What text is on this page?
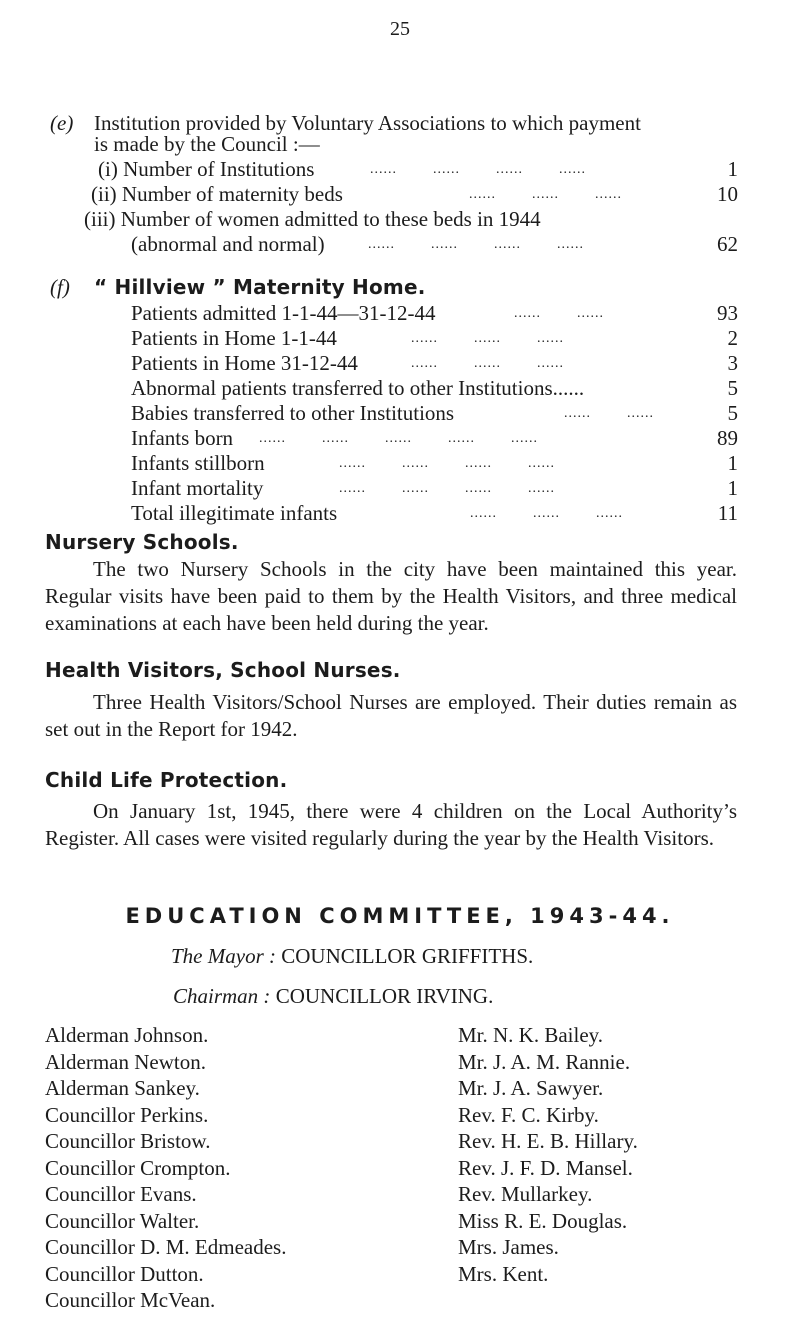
25
(e) Institution provided by Voluntary Associations to which payment
is made by the Council :—
(i) Number of Institutions	......        ......        ......        ......	1
(ii) Number of maternity beds	......        ......        ......	10
(iii) Number of women admitted to these beds in 1944
(abnormal and normal)	......        ......        ......        ......	62
(f) “ Hillview ” Maternity Home.
Patients admitted 1-1-44—31-12-44	......        ......	93
Patients in Home 1-1-44	......        ......        ......	2
Patients in Home 31-12-44	......        ......        ......	3
Abnormal patients transferred to other Institutions......	5
Babies transferred to other Institutions	......        ......	5
Infants born ......        ......        ......        ......        ......	89
Infants stillborn	......        ......        ......        ......	1
Infant mortality	......        ......        ......        ......	1
Total illegitimate infants	......        ......        ......	11
Nursery Schools.
The two Nursery Schools in the city have been maintained this year. Regular visits have been paid to them by the Health Visitors, and three medical examinations at each have been held during the year.
Health Visitors, School Nurses.
Three Health Visitors/School Nurses are employed. Their duties remain as set out in the Report for 1942.
Child Life Protection.
On January 1st, 1945, there were 4 children on the Local Authority’s Register. All cases were visited regularly during the year by the Health Visitors.
EDUCATION COMMITTEE, 1943-44.
The Mayor : COUNCILLOR GRIFFITHS.
Chairman : COUNCILLOR IRVING.
Alderman Johnson.
Alderman Newton.
Alderman Sankey.
Councillor Perkins.
Councillor Bristow.
Councillor Crompton.
Councillor Evans.
Councillor Walter.
Councillor D. M. Edmeades.
Councillor Dutton.
Councillor McVean.
Mr. N. K. Bailey.
Mr. J. A. M. Rannie.
Mr. J. A. Sawyer.
Rev. F. C. Kirby.
Rev. H. E. B. Hillary.
Rev. J. F. D. Mansel.
Rev. Mullarkey.
Miss R. E. Douglas.
Mrs. James.
Mrs. Kent.
